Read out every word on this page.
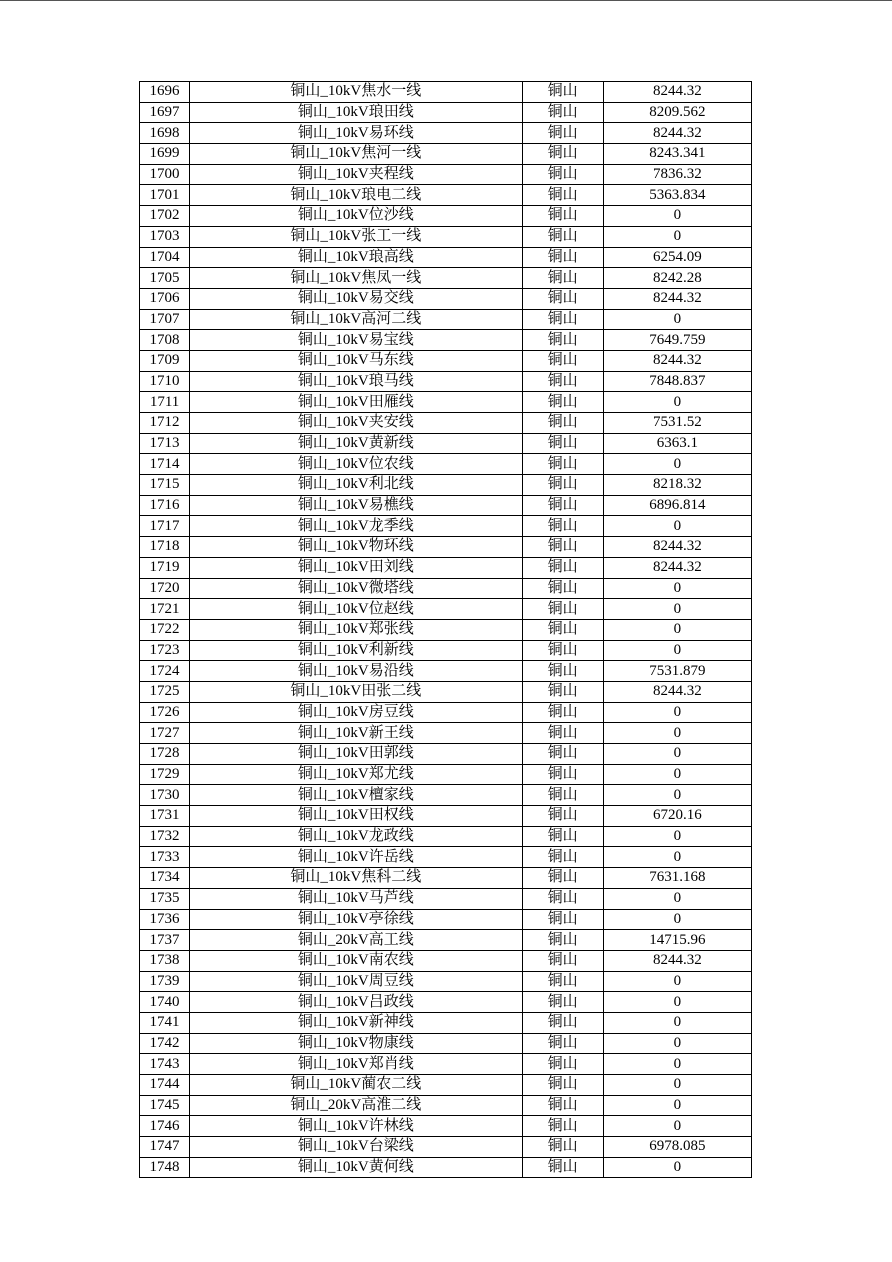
1696	铜山_10kV焦水一线	铜山	8244.32
1697	铜山_10kV琅田线	铜山	8209.562
1698	铜山_10kV易环线	铜山	8244.32
1699	铜山_10kV焦河一线	铜山	8243.341
1700	铜山_10kV夹程线	铜山	7836.32
1701	铜山_10kV琅电二线	铜山	5363.834
1702	铜山_10kV位沙线	铜山	0
1703	铜山_10kV张工一线	铜山	0
1704	铜山_10kV琅高线	铜山	6254.09
1705	铜山_10kV焦凤一线	铜山	8242.28
1706	铜山_10kV易交线	铜山	8244.32
1707	铜山_10kV高河二线	铜山	0
1708	铜山_10kV易宝线	铜山	7649.759
1709	铜山_10kV马东线	铜山	8244.32
1710	铜山_10kV琅马线	铜山	7848.837
1711	铜山_10kV田雁线	铜山	0
1712	铜山_10kV夹安线	铜山	7531.52
1713	铜山_10kV黄新线	铜山	6363.1
1714	铜山_10kV位农线	铜山	0
1715	铜山_10kV利北线	铜山	8218.32
1716	铜山_10kV易樵线	铜山	6896.814
1717	铜山_10kV龙季线	铜山	0
1718	铜山_10kV物环线	铜山	8244.32
1719	铜山_10kV田刘线	铜山	8244.32
1720	铜山_10kV微塔线	铜山	0
1721	铜山_10kV位赵线	铜山	0
1722	铜山_10kV郑张线	铜山	0
1723	铜山_10kV利新线	铜山	0
1724	铜山_10kV易沿线	铜山	7531.879
1725	铜山_10kV田张二线	铜山	8244.32
1726	铜山_10kV房豆线	铜山	0
1727	铜山_10kV新王线	铜山	0
1728	铜山_10kV田郭线	铜山	0
1729	铜山_10kV郑尤线	铜山	0
1730	铜山_10kV檀家线	铜山	0
1731	铜山_10kV田权线	铜山	6720.16
1732	铜山_10kV龙政线	铜山	0
1733	铜山_10kV许岳线	铜山	0
1734	铜山_10kV焦科二线	铜山	7631.168
1735	铜山_10kV马芦线	铜山	0
1736	铜山_10kV亭徐线	铜山	0
1737	铜山_20kV高工线	铜山	14715.96
1738	铜山_10kV南农线	铜山	8244.32
1739	铜山_10kV周豆线	铜山	0
1740	铜山_10kV吕政线	铜山	0
1741	铜山_10kV新神线	铜山	0
1742	铜山_10kV物康线	铜山	0
1743	铜山_10kV郑肖线	铜山	0
1744	铜山_10kV蔺农二线	铜山	0
1745	铜山_20kV高淮二线	铜山	0
1746	铜山_10kV许林线	铜山	0
1747	铜山_10kV台梁线	铜山	6978.085
1748	铜山_10kV黄何线	铜山	0
